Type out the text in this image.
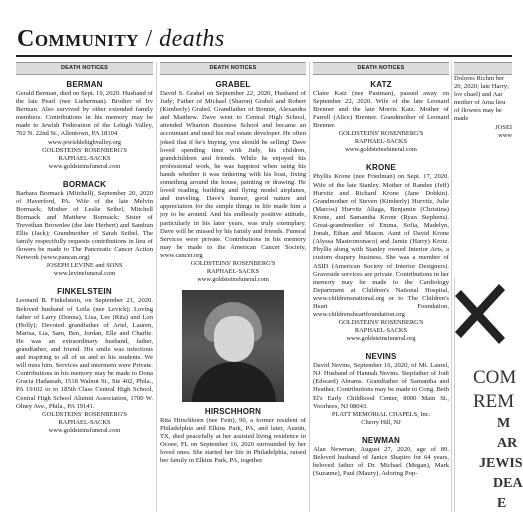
Community / deaths
DEATH NOTICES
BERMAN

Gerald Berman, died on Sept. 19, 2020. Husband of the late Pearl (nee Lieberman). Brother of Irv Berman. Also survived by other extended family members. Contributions in his memory may be made to Jewish Federation of the Lehigh Valley, 702 N. 22nd St., Allentown, PA 18104

www.jewishlehighvalley.org

GOLDSTEINS' ROSENBERG'S

RAPHAEL-SACKS

www.goldsteinsfuneral.com

BORMACK

Barbara Bormack (Mitchell), September 20, 2020 of Haverford, PA. Wife of the late Melvin Bormack; Mother of Leslie Seibel, Mitchell Bormack and Matthew Bormack; Sister of Trevethan Brownlee (the late Herbert) and Sandran Ellis (Jack); Grandmother of Sarah Seibel. The family respectfully requests contributions in lieu of flowers be made to The Pancreatic Cancer Action Network (www.pancan.org)

JOSEPH LEVINE and SONS

www.levinefuneral.com

FINKELSTEIN

Leonard B. Finkelstein, on September 21, 2020. Beloved husband of Leila (nee Levick); Loving father of Larry (Donna), Lisa, Lee (Rita) and Lon (Holly); Devoted grandfather of Ariel, Lauren, Marisa, Lia, Sam, Ben, Jordan, Elle and Charlie. He was an extraordinary husband, father, grandfather, and friend. His smile was infectious and inspiring to all of us and to his students. We will miss him. Services and interment were Private. Contributions in his memory may be made to Dona Gracia Hadassah, 1518 Walnut St., Ste 402, Phila., PA 19102 or to 185th Class Central High School, Central High School Alumni Association, 1700 W. Olney Ave., Phila., PA 19141.

GOLDSTEINS' ROSENBERG'S

RAPHAEL-SACKS

www.goldsteinsfuneral.com

DEATH NOTICES
GRABEL

David S. Grabel on September 22, 2020, Husband of Judy; Father of Michael (Sharon) Grabel and Robert (Kimberly) Grabel. Grandfather of Bonnie, Alexandra and Matthew. Dave went to Central High School, attended Wharton Business School and became an accountant and used his real estate developer. He often joked that if he's buying, you should be selling! Dave loved spending time with Judy, his children, grandchildren and friends. While he enjoyed his professional work, he was happiest when using his hands whether it was tinkering with his boat, fixing something around the house, painting or drawing. He loved reading, building and flying model airplanes, and traveling. Dave's humor, good nature and appreciation for the simple things in life made him a joy to be around. And his endlessly positive attitude, particularly in his later years, was truly exemplary. Dave will be missed by his family and friends. Funeral Services were private. Contributions in his memory may be made to the American Cancer Society, www.cancer.org

GOLDSTEINS' ROSENBERG'S

RAPHAEL-SACKS

www.goldsteinsfuneral.com

HIRSCHHORN

Rita Hirschhorn (nee Fein), 90, a former resident of Philadelphia and Elkins Park, PA, and later, Austin, TX, died peacefully at her assisted living residence in Ocoee, FL on September 16, 2020 surrounded by her loved ones. She started her life in Philadelphia, raised her family in Elkins Park, PA, together

DEATH NOTICES
KATZ

Claire Katz (nee Pastman), passed away on September 22, 2020. Wife of the late Leonard Brenner and the late Morris Katz. Mother of Farrell (Alice) Brenner. Grandmother of Leonard Brenner.

GOLDSTEINS' ROSENBERG'S

RAPHAEL-SACKS

www.goldsteinsfuneral.com

KRONE

Phyllis Krone (nee Friedman) on Sept. 17, 2020. Wife of the late Stanley. Mother of Randee (Jeff) Hurvitz and Richard Krone (Jane Dobkin). Grandmother of Steven (Kimberly) Hurvitz, Julie (Marcos) Hurvitz Aliaga, Benjamin (Christina) Krone, and Samantha Krone (Ryan Stephens). Great-grandmother of Emma, Sofia, Madelyn, Jonah, Ethan and Mason. Aunt of David Krone (Alyssa Mastromonaco) and Jamie (Harry) Krotz. Phyllis along with Stanley owned Interior Arts, a custom drapery business. She was a member of ASID (American Society of Interior Designers). Graveside services are private. Contributions in her memory may be made to the Cardiology Department at Children's National Hospital, www.childrensnational.org or to The Children's Heart Foundation, www.childrensheartfoundation.org

GOLDSTEINS' ROSENBERG'S

RAPHAEL-SACKS

www.goldsteinsfuneral.org

NEVINS

David Nevins, September 16, 2020, of Mt. Laurel, NJ. Husband of Hannah Nevins. Stepfather of Jodi (Edward) Abrams. Grandfather of Samantha and Heather. Contributions may be made to Cong. Beth El's Early Childhood Center, 8000 Main St., Voorhees, NJ 08043.

PLATT MEMORIAL CHAPELS, Inc.

Cherry Hill, NJ

NEWMAN

Alan Newman, August 27, 2020, age of 89. Beloved husband of Janice Shapiro for 64 years, beloved father of Dr. Michael (Megan), Mark (Suzanne), Paul (Maury). Adoring Pop-

Dolores Richm ber 20, 2020; late Harry; lov chael) and Aar mother of Ama lieu of flowers may be made

JOSEI

www

COM
REM
M
AR
JEWIS
DEA
E
